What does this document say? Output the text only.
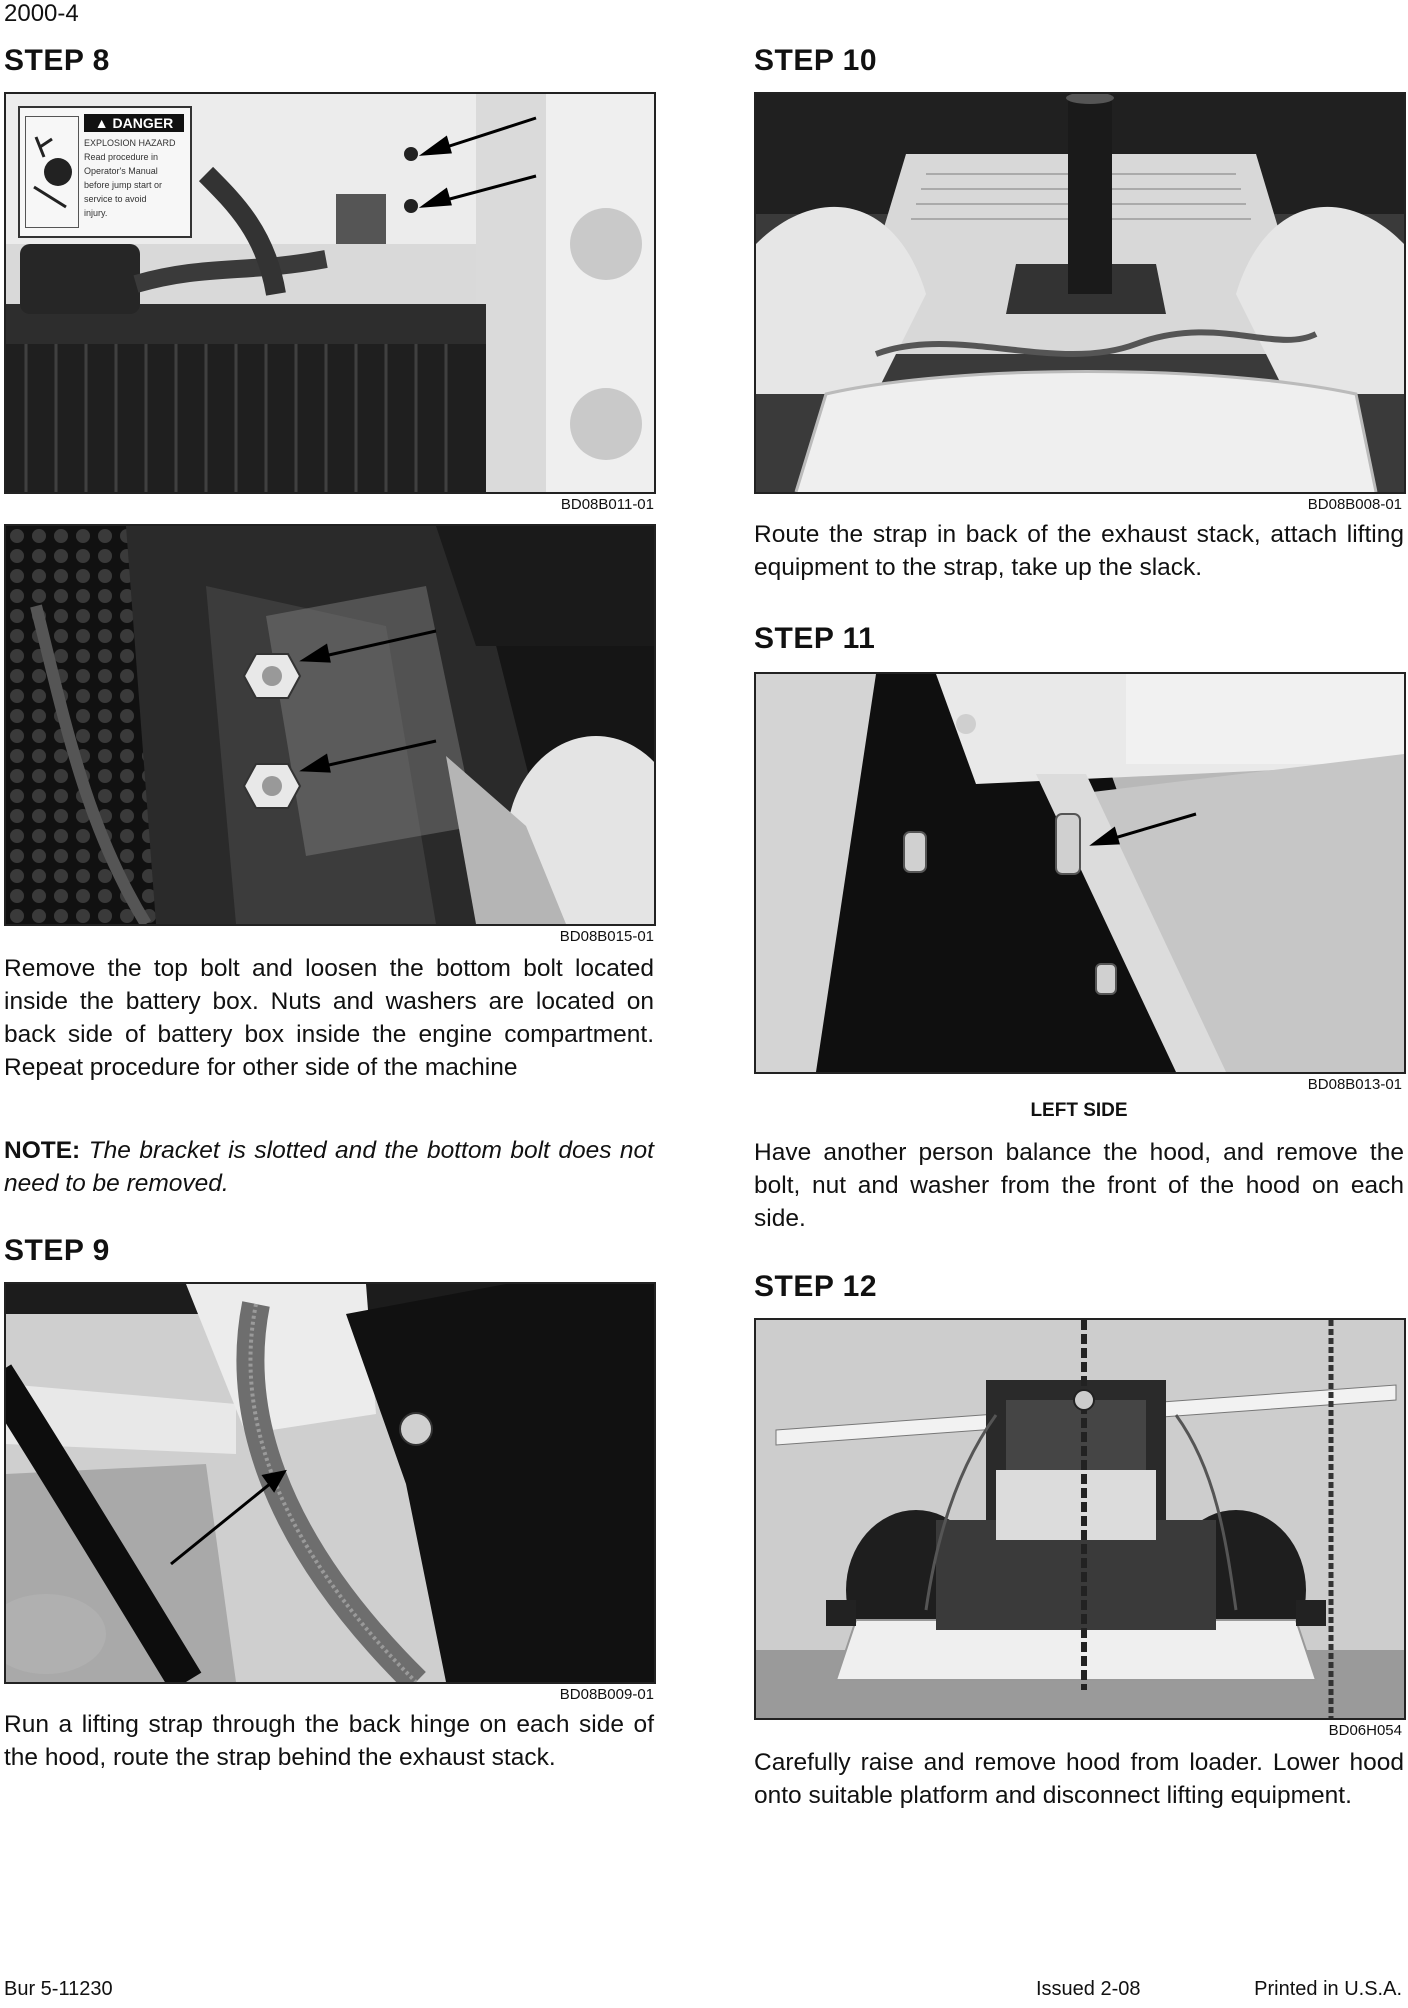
2000-4
STEP 8
▲ DANGER
EXPLOSION HAZARD
Read procedure in
Operator's Manual
before jump start or
service to avoid
injury.
BD08B011-01
BD08B015-01
Remove the top bolt and loosen the bottom bolt located inside the battery box. Nuts and washers are located on back side of battery box inside the engine compartment. Repeat procedure for other side of the machine
NOTE: The bracket is slotted and the bottom bolt does not need to be removed.
STEP 9
BD08B009-01
Run a lifting strap through the back hinge on each side of the hood, route the strap behind the exhaust stack.
STEP 10
BD08B008-01
Route the strap in back of the exhaust stack, attach lifting equipment to the strap, take up the slack.
STEP 11
BD08B013-01
LEFT SIDE
Have another person balance the hood, and remove the bolt, nut and washer from the front of the hood on each side.
STEP 12
BD06H054
Carefully raise and remove hood from loader. Lower hood onto suitable platform and disconnect lifting equipment.
Bur 5-11230	Issued 2-08	Printed in U.S.A.
